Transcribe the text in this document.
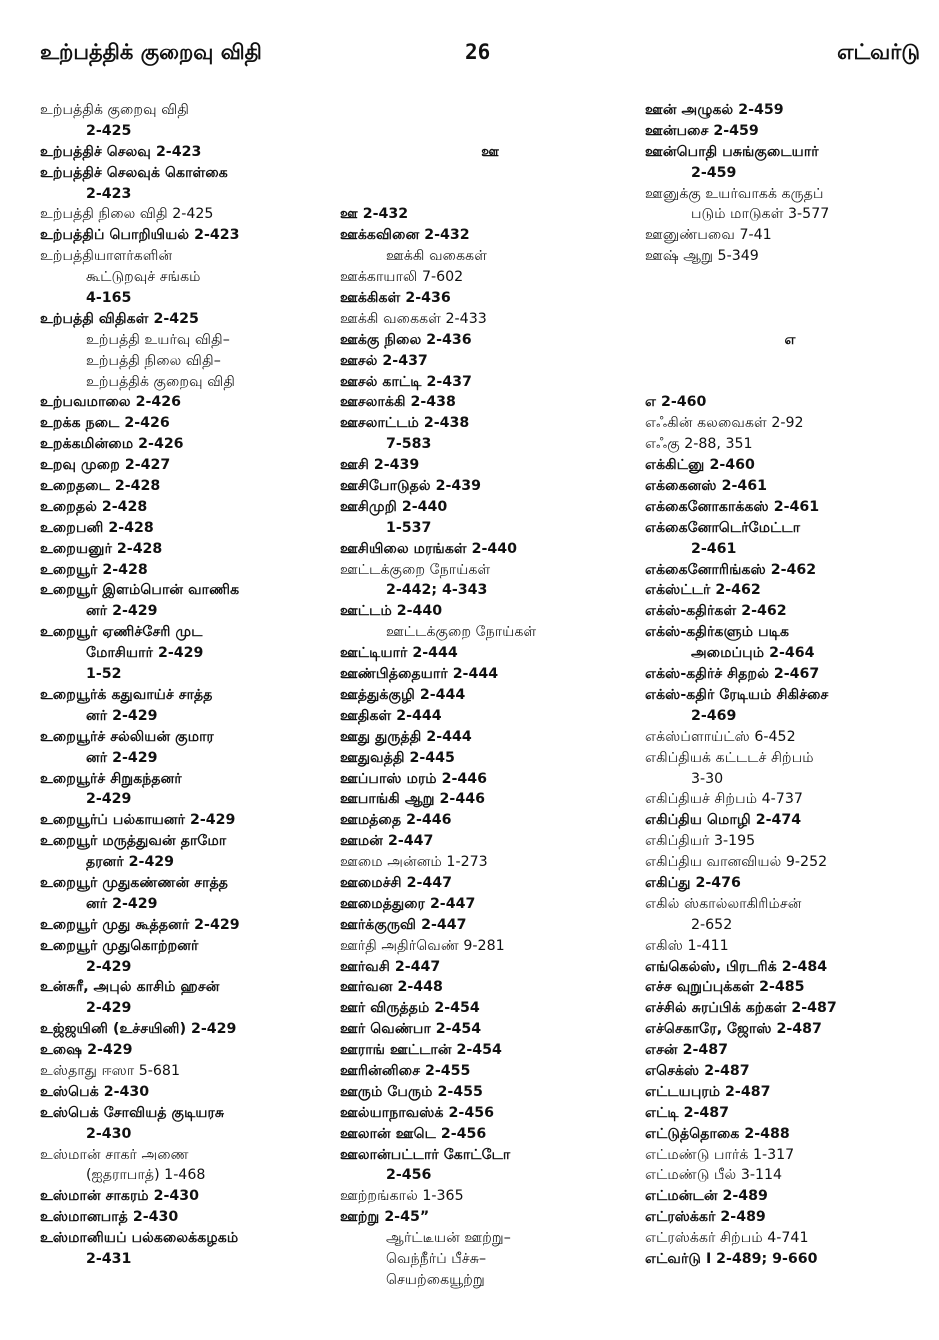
உற்பத்திக் குறைவு விதி	26	எட்வர்டு
உற்பத்திக் குறைவு விதி
2-425
உற்பத்திச் செலவு 2-423
உற்பத்திச் செலவுக் கொள்கை
2-423
உற்பத்தி நிலை விதி 2-425
உற்பத்திப் பொறியியல் 2-423
உற்பத்தியாளர்களின்
கூட்டுறவுச் சங்கம்
4-165
உற்பத்தி விதிகள் 2-425
உற்பத்தி உயர்வு விதி–
உற்பத்தி நிலை விதி–
உற்பத்திக் குறைவு விதி
உற்பவமாலை 2-426
உறக்க நடை 2-426
உறக்கமின்மை 2-426
உறவு முறை 2-427
உறைதடை 2-428
உறைதல் 2-428
உறைபனி 2-428
உறையனுர் 2-428
உறையூர் 2-428
உறையூர் இளம்பொன் வாணிக
னர் 2-429
உறையூர் ஏணிச்சேரி முட
மோசியார் 2-429
1-52
உறையூர்க் கதுவாய்ச் சாத்த
னர் 2-429
உறையூர்ச் சல்லியன் குமார
னர் 2-429
உறையூர்ச் சிறுகந்தனர்
2-429
உறையூர்ப் பல்காயனர் 2-429
உறையூர் மருத்துவன் தாமோ
தரனர் 2-429
உறையூர் முதுகண்ணன் சாத்த
னர் 2-429
உறையூர் முது கூத்தனர் 2-429
உறையூர் முதுகொற்றனர்
2-429
உன்சுரீ, அபுல் காசிம் ஹசன்
2-429
உஜ்ஜயினி (உச்சயினி) 2-429
உஷை 2-429
உஸ்தாது ஈஸா 5-681
உஸ்பெக் 2-430
உஸ்பெக் சோவியத் குடியரசு
2-430
உஸ்மான் சாகர் அணை
(ஐதராபாத்) 1-468
உஸ்மான் சாகரம் 2-430
உஸ்மானபாத் 2-430
உஸ்மானியப் பல்கலைக்கழகம்
2-431
ஊ
ஊ 2-432
ஊக்கவினை 2-432
ஊக்கி வகைகள்
ஊக்காயாலி 7-602
ஊக்கிகள் 2-436
ஊக்கி வகைகள் 2-433
ஊக்கு நிலை 2-436
ஊசல் 2-437
ஊசல் காட்டி 2-437
ஊசலாக்கி 2-438
ஊசலாட்டம் 2-438
7-583
ஊசி 2-439
ஊசிபோடுதல் 2-439
ஊசிமுறி 2-440
1-537
ஊசியிலை மரங்கள் 2-440
ஊட்டக்குறை நோய்கள்
2-442; 4-343
ஊட்டம் 2-440
ஊட்டக்குறை நோய்கள்
ஊட்டியார் 2-444
ஊண்பித்தையார் 2-444
ஊத்துக்குழி 2-444
ஊதிகள் 2-444
ஊது துருத்தி 2-444
ஊதுவத்தி 2-445
ஊப்பாஸ் மரம் 2-446
ஊபாங்கி ஆறு 2-446
ஊமத்தை 2-446
ஊமன் 2-447
ஊமை அன்னம் 1-273
ஊமைச்சி 2-447
ஊமைத்துரை 2-447
ஊர்க்குருவி 2-447
ஊர்தி அதிர்வெண் 9-281
ஊர்வசி 2-447
ஊர்வன 2-448
ஊர் விருத்தம் 2-454
ஊர் வெண்பா 2-454
ஊராங் ஊட்டான் 2-454
ஊரின்னிசை 2-455
ஊரும் பேரும் 2-455
ஊல்யாநாவஸ்க் 2-456
ஊலான் ஊடெ 2-456
ஊலான்பட்டார் கோட்டோ
2-456
ஊற்றங்கால் 1-365
ஊற்று 2-45”
ஆர்ட்டீயன் ஊற்று–
வெந்நீர்ப் பீச்சு–
செயற்கையூற்று
ஊன் அழுகல் 2-459
ஊன்பசை 2-459
ஊன்பொதி பசுங்குடையார்
2-459
ஊனுக்கு உயர்வாகக் கருதப்
படும் மாடுகள் 3-577
ஊனுண்பவை 7-41
ஊஷ் ஆறு 5-349
எ
எ 2-460
எஃகின் கலவைகள் 2-92
எஃகு 2-88, 351
எக்கிட்னு 2-460
எக்கைனஸ் 2-461
எக்கைனோகாக்கஸ் 2-461
எக்கைனோடெர்மேட்டா
2-461
எக்கைனோரிங்கஸ் 2-462
எக்ஸ்ட்டர் 2-462
எக்ஸ்-கதிர்கள் 2-462
எக்ஸ்-கதிர்களும் படிக
அமைப்பும் 2-464
எக்ஸ்-கதிர்ச் சிதறல் 2-467
எக்ஸ்-கதிர் ரேடியம் சிகிச்சை
2-469
எக்ஸ்ப்ளாய்ட்ஸ் 6-452
எகிப்தியக் கட்டடச் சிற்பம்
3-30
எகிப்தியச் சிற்பம் 4-737
எகிப்திய மொழி 2-474
எகிப்தியர் 3-195
எகிப்திய வானவியல் 9-252
எகிப்து 2-476
எகில் ஸ்கால்லாகிரிம்சன்
2-652
எகிஸ் 1-411
எங்கெல்ஸ், பிரடரிக் 2-484
எச்ச வுறுப்புக்கள் 2-485
எச்சில் சுரப்பிக் கற்கள் 2-487
எச்செகாரே, ஜோஸ் 2-487
எசன் 2-487
எசெக்ஸ் 2-487
எட்டயபுரம் 2-487
எட்டி 2-487
எட்டுத்தொகை 2-488
எட்மண்டு பார்க் 1-317
எட்மண்டு பீல் 3-114
எட்மன்டன் 2-489
எட்ரஸ்க்கர் 2-489
எட்ரஸ்க்கர் சிற்பம் 4-741
எட்வர்டு I 2-489; 9-660
